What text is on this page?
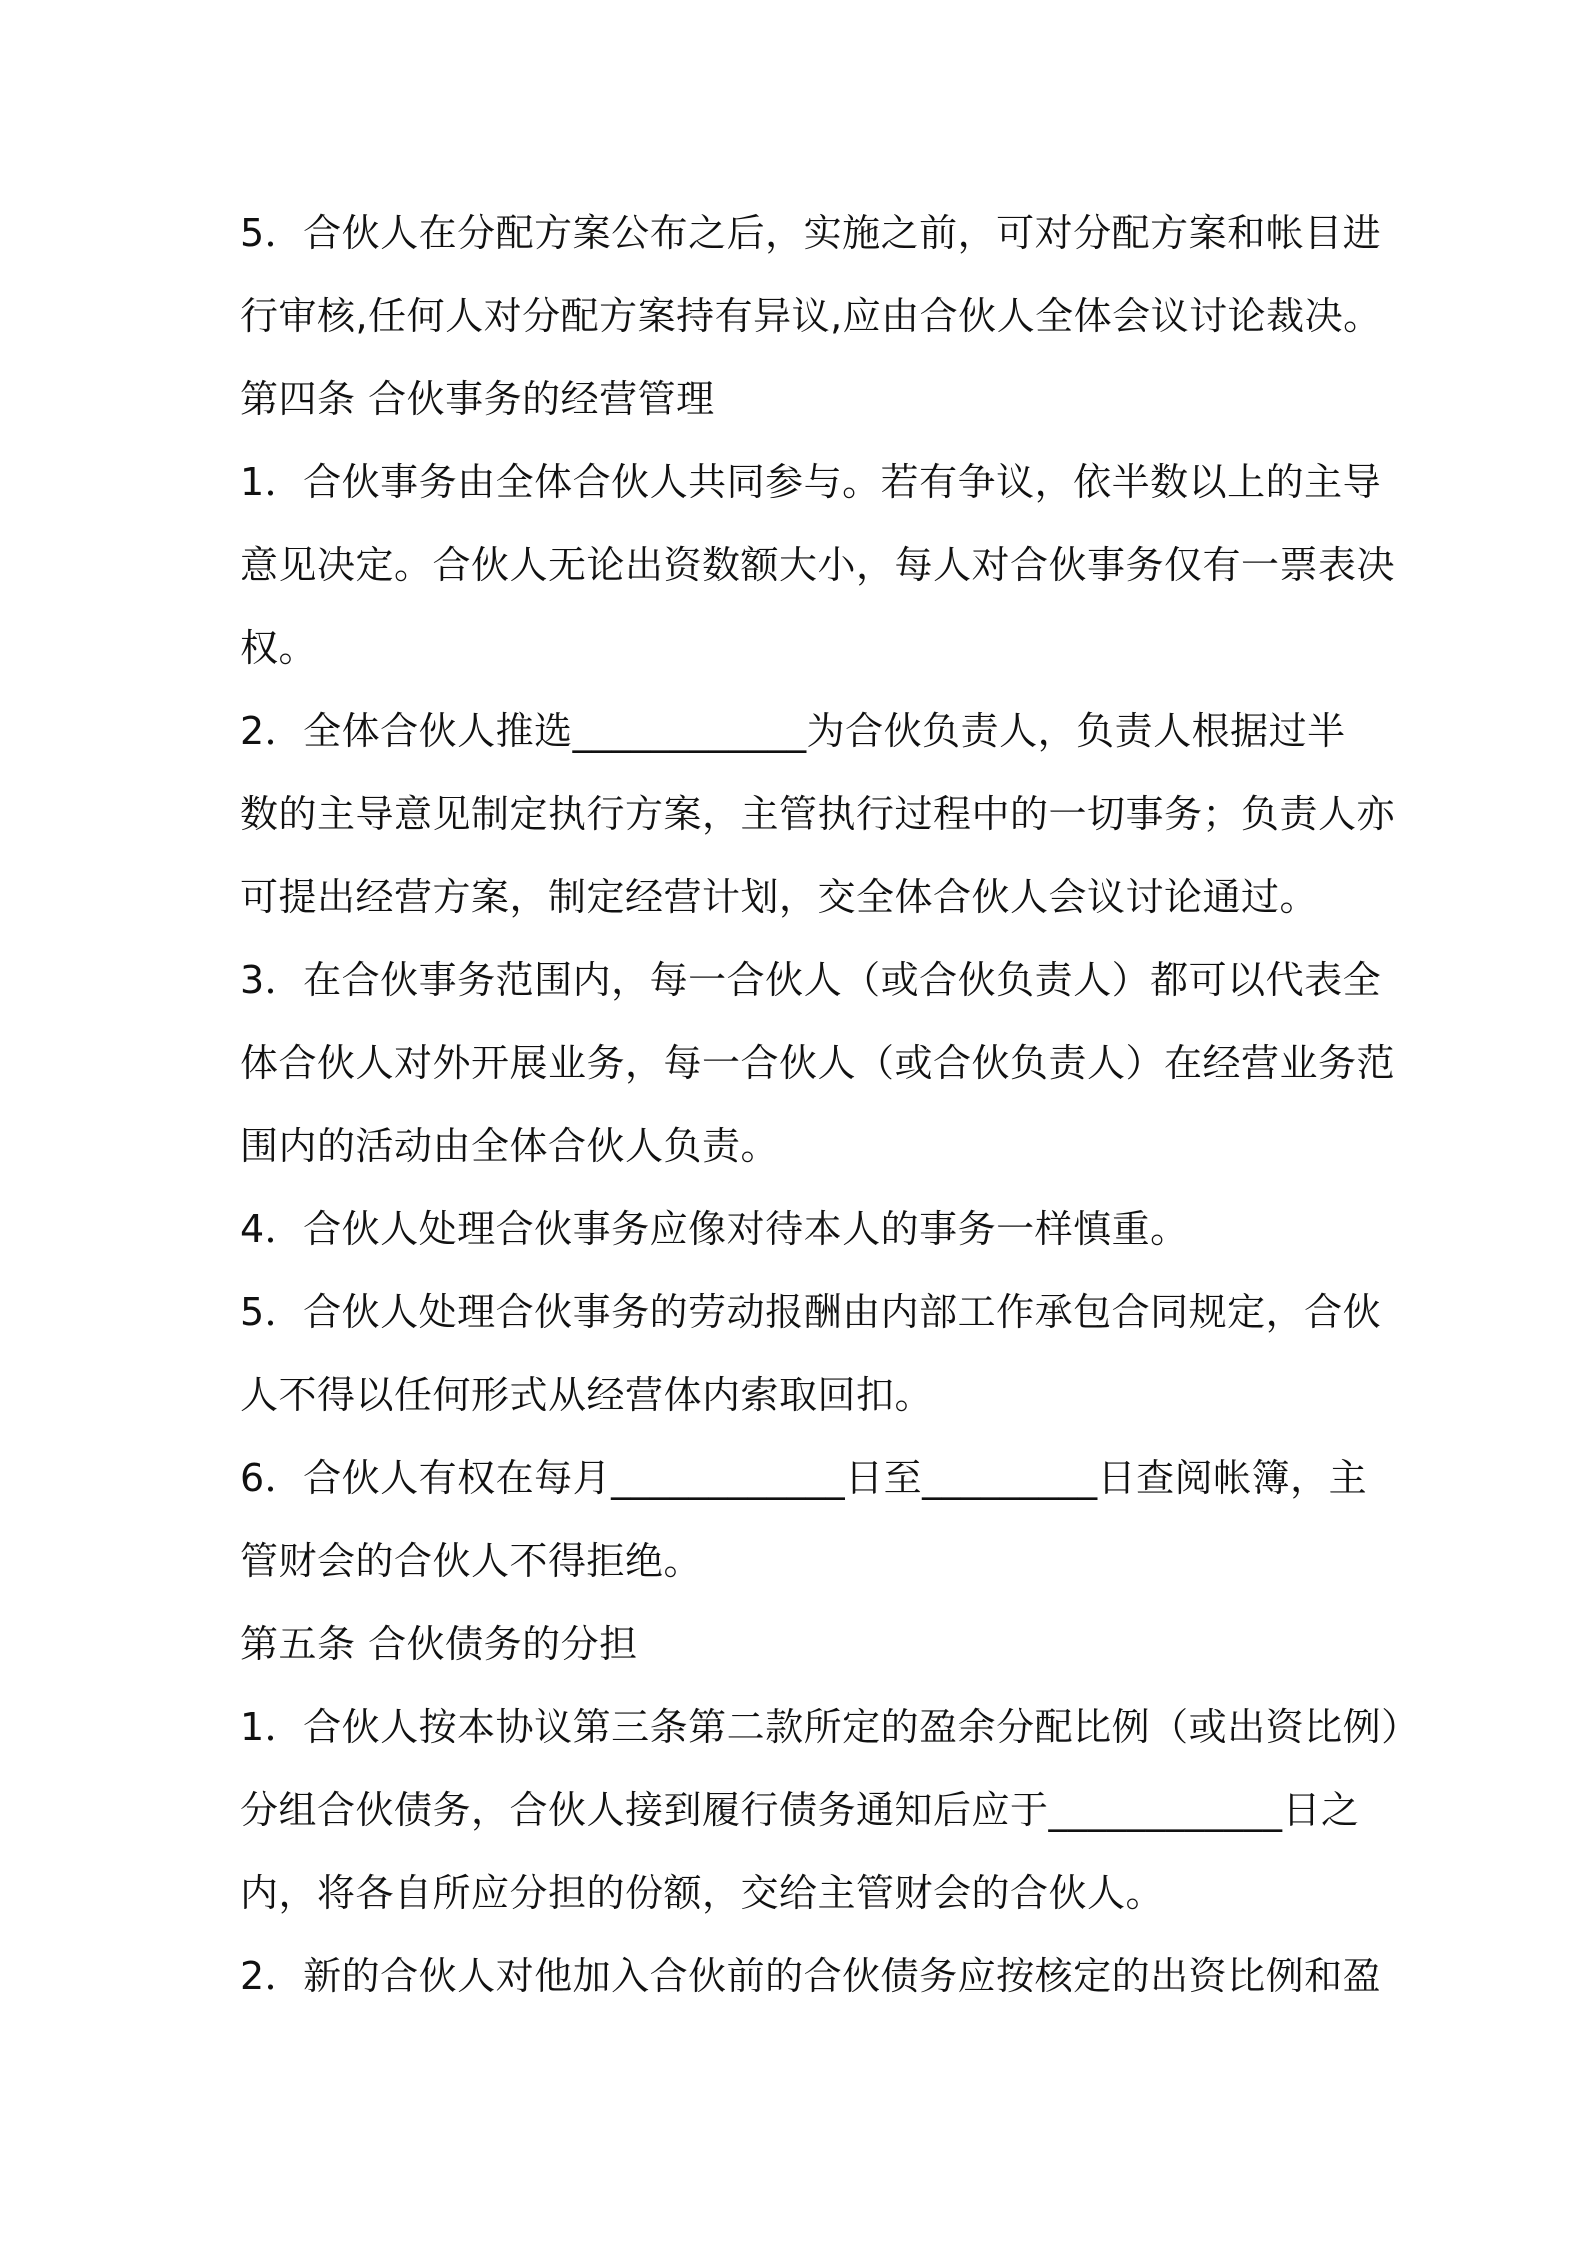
5．合伙人在分配方案公布之后，实施之前，可对分配方案和帐目进
行审核,任何人对分配方案持有异议,应由合伙人全体会议讨论裁决。
第四条 合伙事务的经营管理
1．合伙事务由全体合伙人共同参与。若有争议，依半数以上的主导
意见决定。合伙人无论出资数额大小，每人对合伙事务仅有一票表决
权。
2．全体合伙人推选____________为合伙负责人，负责人根据过半
数的主导意见制定执行方案，主管执行过程中的一切事务；负责人亦
可提出经营方案，制定经营计划，交全体合伙人会议讨论通过。
3．在合伙事务范围内，每一合伙人（或合伙负责人）都可以代表全
体合伙人对外开展业务，每一合伙人（或合伙负责人）在经营业务范
围内的活动由全体合伙人负责。
4．合伙人处理合伙事务应像对待本人的事务一样慎重。
5．合伙人处理合伙事务的劳动报酬由内部工作承包合同规定，合伙
人不得以任何形式从经营体内索取回扣。
6．合伙人有权在每月____________日至_________日查阅帐簿，主
管财会的合伙人不得拒绝。
第五条 合伙债务的分担
1．合伙人按本协议第三条第二款所定的盈余分配比例（或出资比例）
分组合伙债务，合伙人接到履行债务通知后应于____________日之
内，将各自所应分担的份额，交给主管财会的合伙人。
2．新的合伙人对他加入合伙前的合伙债务应按核定的出资比例和盈
